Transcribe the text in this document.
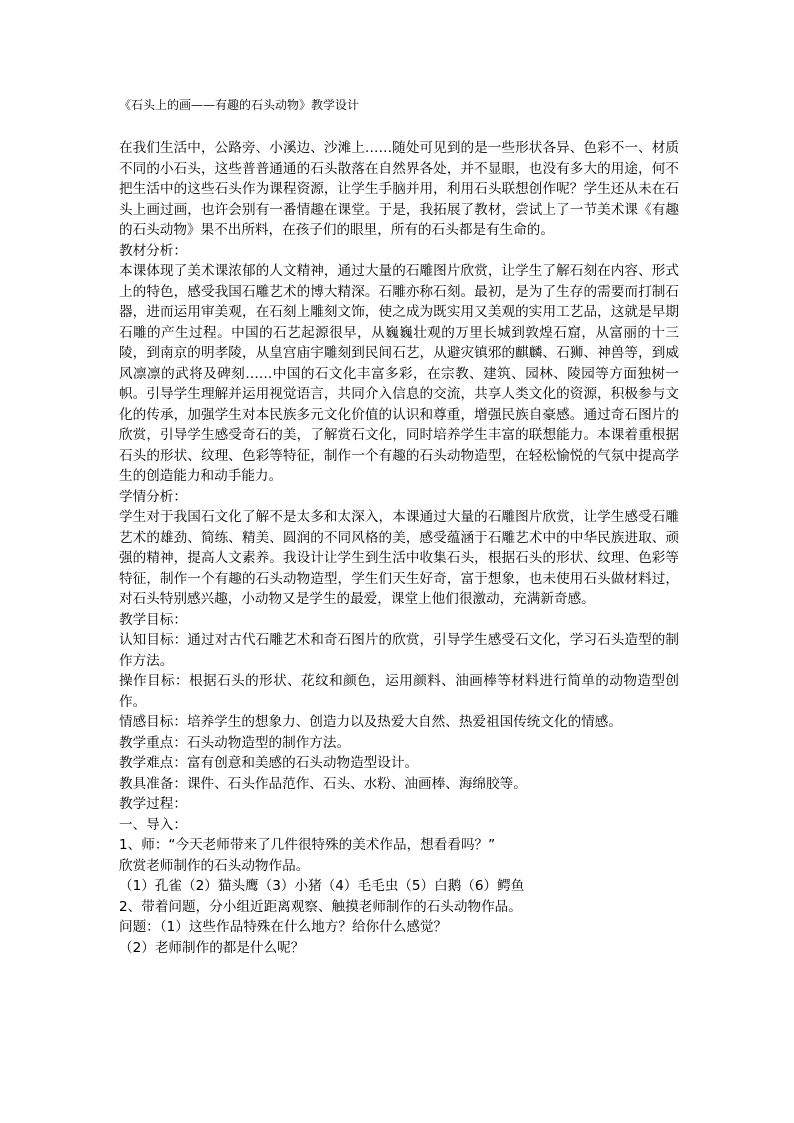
《石头上的画——有趣的石头动物》教学设计

在我们生活中，公路旁、小溪边、沙滩上……随处可见到的是一些形状各异、色彩不一、材质不同的小石头，这些普普通通的石头散落在自然界各处，并不显眼，也没有多大的用途，何不把生活中的这些石头作为课程资源，让学生手脑并用，利用石头联想创作呢？学生还从未在石头上画过画，也许会别有一番情趣在课堂。于是，我拓展了教材，尝试上了一节美术课《有趣的石头动物》果不出所料，在孩子们的眼里，所有的石头都是有生命的。

教材分析：

本课体现了美术课浓郁的人文精神，通过大量的石雕图片欣赏，让学生了解石刻在内容、形式上的特色，感受我国石雕艺术的博大精深。石雕亦称石刻。最初，是为了生存的需要而打制石器，进而运用审美观，在石刻上雕刻文饰，使之成为既实用又美观的实用工艺品，这就是早期石雕的产生过程。中国的石艺起源很早，从巍巍壮观的万里长城到敦煌石窟，从富丽的十三陵，到南京的明孝陵，从皇宫庙宇雕刻到民间石艺，从避灾镇邪的麒麟、石狮、神兽等，到威风凛凛的武将及碑刻……中国的石文化丰富多彩，在宗教、建筑、园林、陵园等方面独树一帜。引导学生理解并运用视觉语言，共同介入信息的交流，共享人类文化的资源，积极参与文化的传承，加强学生对本民族多元文化价值的认识和尊重，增强民族自豪感。通过奇石图片的欣赏，引导学生感受奇石的美，了解赏石文化，同时培养学生丰富的联想能力。本课着重根据石头的形状、纹理、色彩等特征，制作一个有趣的石头动物造型，在轻松愉悦的气氛中提高学生的创造能力和动手能力。

学情分析：

学生对于我国石文化了解不是太多和太深入，本课通过大量的石雕图片欣赏，让学生感受石雕艺术的雄劲、简练、精美、圆润的不同风格的美，感受蕴涵于石雕艺术中的中华民族进取、顽强的精神，提高人文素养。我设计让学生到生活中收集石头，根据石头的形状、纹理、色彩等特征，制作一个有趣的石头动物造型，学生们天生好奇，富于想象，也未使用石头做材料过，对石头特别感兴趣，小动物又是学生的最爱，课堂上他们很激动，充满新奇感。

教学目标：

认知目标：通过对古代石雕艺术和奇石图片的欣赏，引导学生感受石文化，学习石头造型的制作方法。

操作目标：根据石头的形状、花纹和颜色，运用颜料、油画棒等材料进行简单的动物造型创作。

情感目标：培养学生的想象力、创造力以及热爱大自然、热爱祖国传统文化的情感。

教学重点：石头动物造型的制作方法。

教学难点：富有创意和美感的石头动物造型设计。

教具准备：课件、石头作品范作、石头、水粉、油画棒、海绵胶等。

教学过程：

一、导入：

1、师：“今天老师带来了几件很特殊的美术作品，想看看吗？”

欣赏老师制作的石头动物作品。

（1）孔雀（2）猫头鹰（3）小猪（4）毛毛虫（5）白鹅（6）鳄鱼

2、带着问题，分小组近距离观察、触摸老师制作的石头动物作品。

问题：（1）这些作品特殊在什么地方？给你什么感觉？

（2）老师制作的都是什么呢？
